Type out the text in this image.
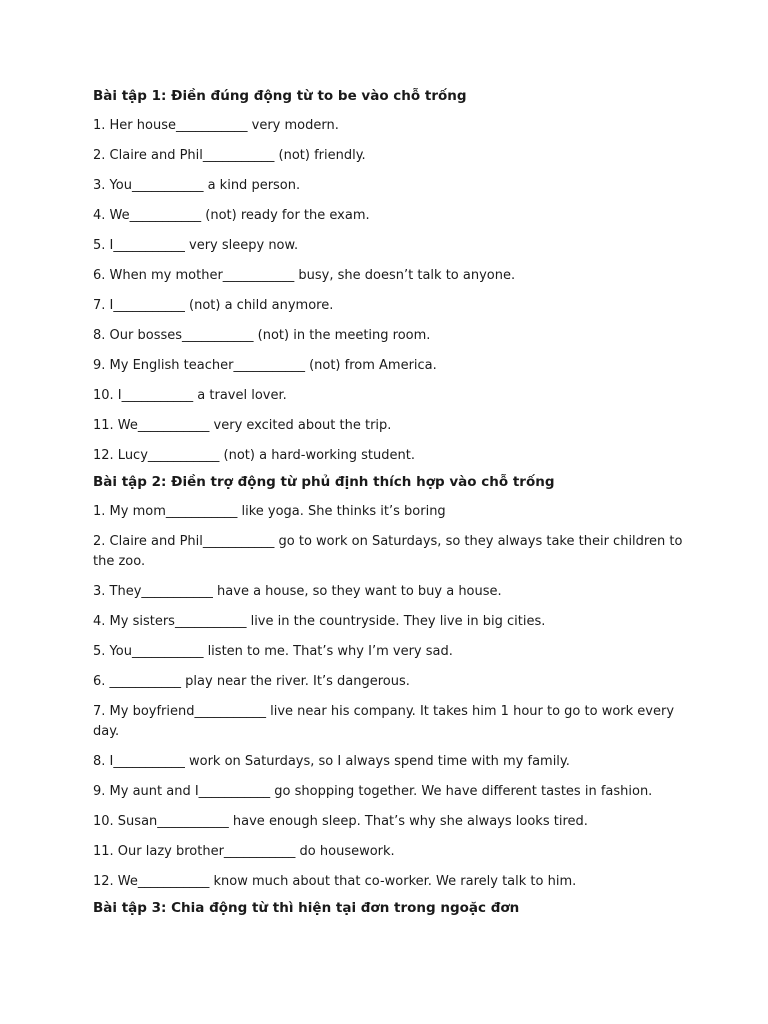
Bài tập 1: Điền đúng động từ to be vào chỗ trống
1. Her house___________ very modern.
2. Claire and Phil___________ (not) friendly.
3. You___________ a kind person.
4. We___________ (not) ready for the exam.
5. I___________ very sleepy now.
6. When my mother___________ busy, she doesn’t talk to anyone.
7. I___________ (not) a child anymore.
8. Our bosses___________ (not) in the meeting room.
9. My English teacher___________ (not) from America.
10. I___________ a travel lover.
11. We___________ very excited about the trip.
12. Lucy___________ (not) a hard-working student.
Bài tập 2: Điền trợ động từ phủ định thích hợp vào chỗ trống
1. My mom___________ like yoga. She thinks it’s boring
2. Claire and Phil___________ go to work on Saturdays, so they always take their children to the zoo.
3. They___________ have a house, so they want to buy a house.
4. My sisters___________ live in the countryside. They live in big cities.
5. You___________ listen to me. That’s why I’m very sad.
6. ___________ play near the river. It’s dangerous.
7. My boyfriend___________ live near his company. It takes him 1 hour to go to work every day.
8. I___________ work on Saturdays, so I always spend time with my family.
9. My aunt and I___________ go shopping together. We have different tastes in fashion.
10. Susan___________ have enough sleep. That’s why she always looks tired.
11. Our lazy brother___________ do housework.
12. We___________ know much about that co-worker. We rarely talk to him.
Bài tập 3: Chia động từ thì hiện tại đơn trong ngoặc đơn
